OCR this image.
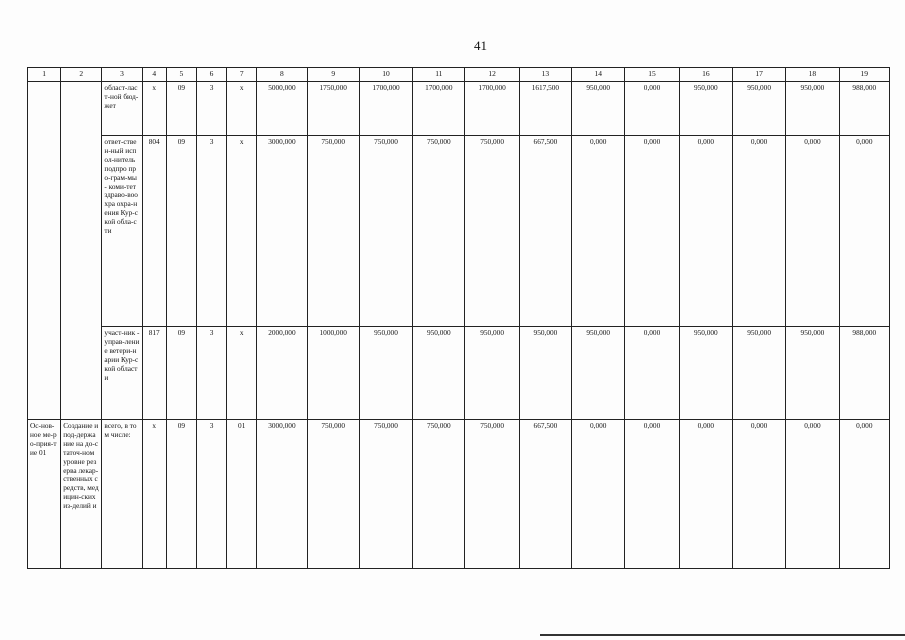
41
1	2	3	4	5	6	7	8	9	10	11	12	13	14	15	16	17	18	19
		област-ласт-ной бюд-жет	х	09	3	х	5000,000	1750,000	1700,000	1700,000	1700,000	1617,500	950,000	0,000	950,000	950,000	950,000	988,000
		ответ-ствен-ный испол-нитель подпро про-грам-мы - коми-тет здраво-воохра охра-нения Кур-ской обла-сти	804	09	3	х	3000,000	750,000	750,000	750,000	750,000	667,500	0,000	0,000	0,000	0,000	0,000	0,000
		участ-ник - управ-ление ветери-нарии Кур-ской области	817	09	3	х	2000,000	1000,000	950,000	950,000	950,000	950,000	950,000	0,000	950,000	950,000	950,000	988,000
Ос-нов-ное ме-ро-прия-тие 01	Создание и под-держание на до-статоч-ном уровне резерва лекар-ственных средств, медицин-ских из-делий и	всего, в том числе:	х	09	3	01	3000,000	750,000	750,000	750,000	750,000	667,500	0,000	0,000	0,000	0,000	0,000	0,000
